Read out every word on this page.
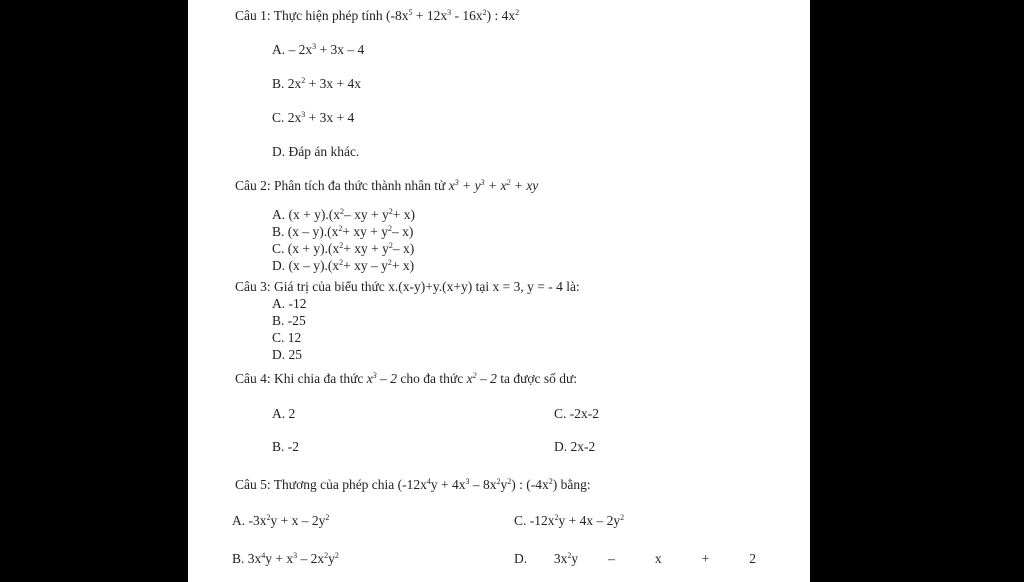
Câu 1: Thực hiện phép tính $(-8x^5 + 12x^3 - 16x^2)$ : $4x^2$
A. – $2x^3 + 3x - 4$
B. $2x^2 + 3x + 4x$
C. $2x^3 + 3x + 4$
D. Đáp án khác.
Câu 2: Phân tích đa thức thành nhân tử $x^3 + y^3 + x^2$ + xy
A. $(x + y).(x^2-$ xy + $y^2+ x$)
B. $(x - y).(x^2+$ xy + $y^2-$ x)
C. $(x + y).(x^2+$ xy + $y^2-$ x)
D. $(x - y).(x^2+$ xy – $y^2+ x$)
Câu 3: Giá trị của biểu thức x.(x-y)+y.(x+y) tại x = 3, y = - 4 là:
A. -12
B. -25
C. 12
D. 25
Câu 4: Khi chia đa thức $x^3 - 2$ cho đa thức $x^2 - 2$ ta được số dư:
A. 2	C. -2x-2
B. -2	D. 2x-2
Câu 5: Thương của phép chia $(-12x^4y + 4x^3 - 8x^2y^2)$ : $(-4x^2)$ bằng:
A. $-3x^2y + x - 2y^2$	C. $-12x^2y + 4x - 2y^2$
B. $3x^4y + x^3 - 2x^2y^2$	D. $3x^2y$ –	x	+	2
